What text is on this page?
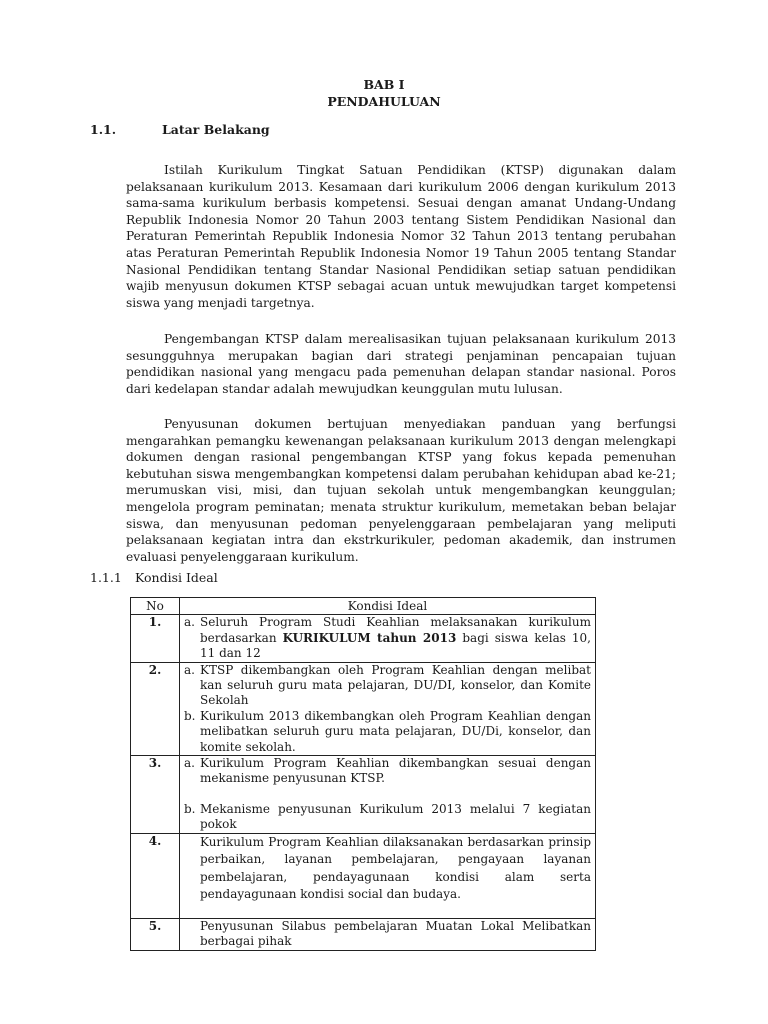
BAB I
PENDAHULUAN
1.1.	Latar Belakang

Istilah Kurikulum Tingkat Satuan Pendidikan (KTSP) digunakan dalam pelaksanaan kurikulum 2013. Kesamaan dari kurikulum 2006 dengan kurikulum 2013 sama-sama kurikulum berbasis kompetensi. Sesuai dengan amanat Undang-Undang Republik Indonesia Nomor 20 Tahun 2003 tentang Sistem Pendidikan Nasional dan Peraturan Pemerintah Republik Indonesia Nomor 32 Tahun 2013 tentang perubahan atas Peraturan Pemerintah Republik Indonesia Nomor 19 Tahun 2005 tentang Standar Nasional Pendidikan tentang Standar Nasional Pendidikan setiap satuan pendidikan wajib menyusun dokumen KTSP sebagai acuan untuk mewujudkan target kompetensi siswa yang menjadi targetnya.

Pengembangan KTSP dalam merealisasikan tujuan pelaksanaan kurikulum 2013 sesungguhnya merupakan bagian dari strategi penjaminan pencapaian tujuan pendidikan nasional yang mengacu pada pemenuhan delapan standar nasional. Poros dari kedelapan standar adalah mewujudkan keunggulan mutu lulusan.

Penyusunan dokumen bertujuan menyediakan panduan yang berfungsi mengarahkan pemangku kewenangan pelaksanaan kurikulum 2013 dengan melengkapi dokumen dengan rasional pengembangan KTSP yang fokus kepada pemenuhan kebutuhan siswa mengembangkan kompetensi dalam perubahan kehidupan abad ke-21; merumuskan visi, misi, dan tujuan sekolah untuk mengembangkan keunggulan; mengelola program peminatan; menata struktur kurikulum, memetakan beban belajar siswa, dan menyusunan pedoman penyelenggaraan pembelajaran yang meliputi pelaksanaan kegiatan intra dan ekstrkurikuler, pedoman akademik, dan instrumen evaluasi penyelenggaraan kurikulum.

1.1.1 Kondisi Ideal
No	Kondisi Ideal
1.	a. Seluruh Program Studi Keahlian melaksanakan kurikulum berdasarkan KURIKULUM tahun 2013 bagi siswa kelas 10, 11 dan 12

2.	a. KTSP dikembangkan oleh Program Keahlian dengan melibat kan seluruh guru mata pelajaran, DU/DI, konselor, dan Komite Sekolah
b. Kurikulum 2013 dikembangkan oleh Program Keahlian dengan melibatkan seluruh guru mata pelajaran, DU/Di, konselor, dan komite sekolah.

3.	a. Kurikulum Program Keahlian dikembangkan sesuai dengan mekanisme penyusunan KTSP.
b. Mekanisme penyusunan Kurikulum 2013 melalui 7 kegiatan pokok

4.	Kurikulum Program Keahlian dilaksanakan berdasarkan prinsip perbaikan, layanan pembelajaran, pengayaan layanan pembelajaran, pendayagunaan kondisi alam serta pendayagunaan kondisi social dan budaya.

5.	Penyusunan Silabus pembelajaran Muatan Lokal Melibatkan berbagai pihak
